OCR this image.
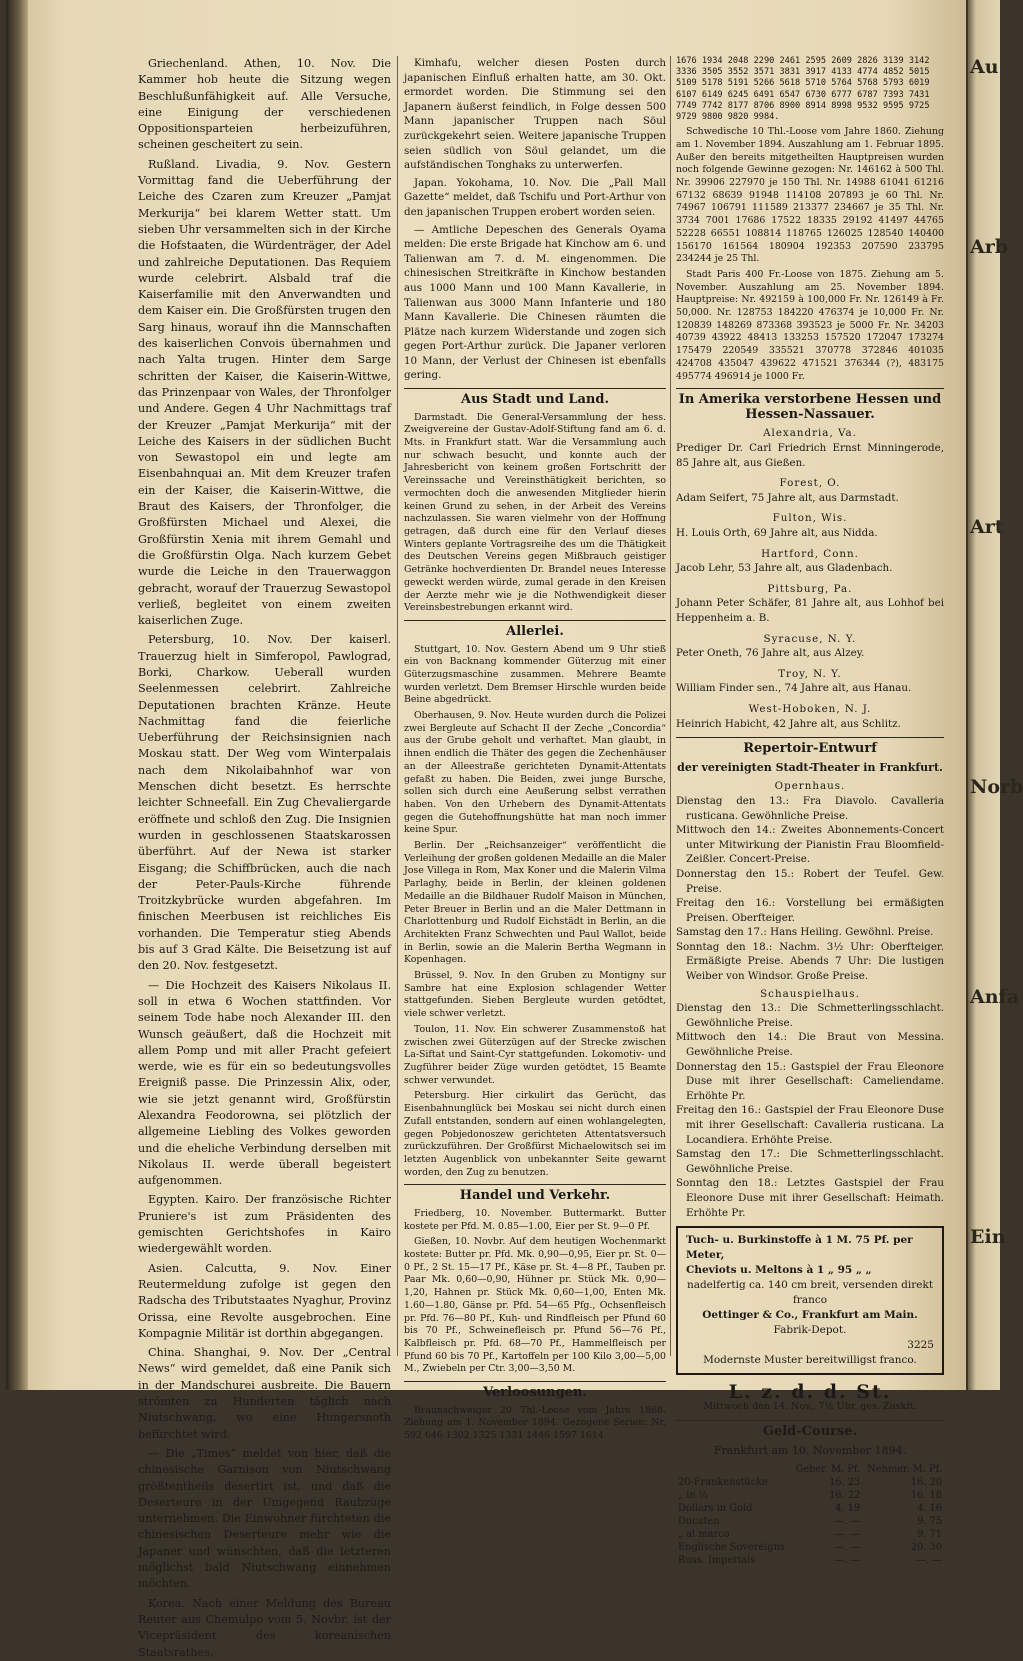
Griechenland. Athen, 10. Nov. Die Kammer hob heute die Sitzung wegen Beschlußunfähigkeit auf. Alle Versuche, eine Einigung der verschiedenen Oppositionsparteien herbeizuführen, scheinen gescheitert zu sein.

Rußland. Livadia, 9. Nov. Gestern Vormittag fand die Ueberführung der Leiche des Czaren zum Kreuzer „Pamjat Merkurija“ bei klarem Wetter statt. Um sieben Uhr versammelten sich in der Kirche die Hofstaaten, die Würdenträger, der Adel und zahlreiche Deputationen. Das Requiem wurde celebrirt. Alsbald traf die Kaiserfamilie mit den Anverwandten und dem Kaiser ein. Die Großfürsten trugen den Sarg hinaus, worauf ihn die Mannschaften des kaiserlichen Convois übernahmen und nach Yalta trugen. Hinter dem Sarge schritten der Kaiser, die Kaiserin-Wittwe, das Prinzenpaar von Wales, der Thronfolger und Andere. Gegen 4 Uhr Nachmittags traf der Kreuzer „Pamjat Merkurija“ mit der Leiche des Kaisers in der südlichen Bucht von Sewastopol ein und legte am Eisenbahnquai an. Mit dem Kreuzer trafen ein der Kaiser, die Kaiserin-Wittwe, die Braut des Kaisers, der Thronfolger, die Großfürsten Michael und Alexei, die Großfürstin Xenia mit ihrem Gemahl und die Großfürstin Olga. Nach kurzem Gebet wurde die Leiche in den Trauerwaggon gebracht, worauf der Trauerzug Sewastopol verließ, begleitet von einem zweiten kaiserlichen Zuge.

Petersburg, 10. Nov. Der kaiserl. Trauerzug hielt in Simferopol, Pawlograd, Borki, Charkow. Ueberall wurden Seelenmessen celebrirt. Zahlreiche Deputationen brachten Kränze. Heute Nachmittag fand die feierliche Ueberführung der Reichsinsignien nach Moskau statt. Der Weg vom Winterpalais nach dem Nikolaibahnhof war von Menschen dicht besetzt. Es herrschte leichter Schneefall. Ein Zug Chevaliergarde eröffnete und schloß den Zug. Die Insignien wurden in geschlossenen Staatskarossen überführt. Auf der Newa ist starker Eisgang; die Schiffbrücken, auch die nach der Peter-Pauls-Kirche führende Troitzkybrücke wurden abgefahren. Im finischen Meerbusen ist reichliches Eis vorhanden. Die Temperatur stieg Abends bis auf 3 Grad Kälte. Die Beisetzung ist auf den 20. Nov. festgesetzt.

— Die Hochzeit des Kaisers Nikolaus II. soll in etwa 6 Wochen stattfinden. Vor seinem Tode habe noch Alexander III. den Wunsch geäußert, daß die Hochzeit mit allem Pomp und mit aller Pracht gefeiert werde, wie es für ein so bedeutungsvolles Ereigniß passe. Die Prinzessin Alix, oder, wie sie jetzt genannt wird, Großfürstin Alexandra Feodorowna, sei plötzlich der allgemeine Liebling des Volkes geworden und die eheliche Verbindung derselben mit Nikolaus II. werde überall begeistert aufgenommen.

Egypten. Kairo. Der französische Richter Pruniere's ist zum Präsidenten des gemischten Gerichtshofes in Kairo wiedergewählt worden.

Asien. Calcutta, 9. Nov. Einer Reutermeldung zufolge ist gegen den Radscha des Tributstaates Nyaghur, Provinz Orissa, eine Revolte ausgebrochen. Eine Kompagnie Militär ist dorthin abgegangen.

China. Shanghai, 9. Nov. Der „Central News“ wird gemeldet, daß eine Panik sich in der Mandschurei ausbreite. Die Bauern strömten zu Hunderten täglich nach Niutschwang, wo eine Hungersnoth befürchtet wird.

— Die „Times“ meldet von hier, daß die chinesische Garnison von Niutschwang größtentheils desertirt ist, und daß die Deserteure in der Umgegend Raubzüge unternehmen. Die Einwohner fürchteten die chinesischen Deserteure mehr wie die Japaner und wünschten, daß die letzteren möglichst bald Niutschwang einnehmen möchten.

Korea. Nach einer Meldung des Bureau Reuter aus Chemulpo vom 5. Novbr. ist der Vicepräsident des koreanischen Staatsrathes,

Kimhafu, welcher diesen Posten durch japanischen Einfluß erhalten hatte, am 30. Okt. ermordet worden. Die Stimmung sei den Japanern äußerst feindlich, in Folge dessen 500 Mann japanischer Truppen nach Söul zurückgekehrt seien. Weitere japanische Truppen seien südlich von Söul gelandet, um die aufständischen Tonghaks zu unterwerfen.

Japan. Yokohama, 10. Nov. Die „Pall Mall Gazette“ meldet, daß Tschifu und Port-Arthur von den japanischen Truppen erobert worden seien.

— Amtliche Depeschen des Generals Oyama melden: Die erste Brigade hat Kinchow am 6. und Talienwan am 7. d. M. eingenommen. Die chinesischen Streitkräfte in Kinchow bestanden aus 1000 Mann und 100 Mann Kavallerie, in Talienwan aus 3000 Mann Infanterie und 180 Mann Kavallerie. Die Chinesen räumten die Plätze nach kurzem Widerstande und zogen sich gegen Port-Arthur zurück. Die Japaner verloren 10 Mann, der Verlust der Chinesen ist ebenfalls gering.

Aus Stadt und Land.

Darmstadt. Die General-Versammlung der hess. Zweigvereine der Gustav-Adolf-Stiftung fand am 6. d. Mts. in Frankfurt statt. War die Versammlung auch nur schwach besucht, und konnte auch der Jahresbericht von keinem großen Fortschritt der Vereinssache und Vereinsthätigkeit berichten, so vermochten doch die anwesenden Mitglieder hierin keinen Grund zu sehen, in der Arbeit des Vereins nachzulassen. Sie waren vielmehr von der Hoffnung getragen, daß durch eine für den Verlauf dieses Winters geplante Vortragsreihe des um die Thätigkeit des Deutschen Vereins gegen Mißbrauch geistiger Getränke hochverdienten Dr. Brandel neues Interesse geweckt werden würde, zumal gerade in den Kreisen der Aerzte mehr wie je die Nothwendigkeit dieser Vereinsbestrebungen erkannt wird.

Allerlei.

Stuttgart, 10. Nov. Gestern Abend um 9 Uhr stieß ein von Backnang kommender Güterzug mit einer Güterzugsmaschine zusammen. Mehrere Beamte wurden verletzt. Dem Bremser Hirschle wurden beide Beine abgedrückt.

Oberhausen, 9. Nov. Heute wurden durch die Polizei zwei Bergleute auf Schacht II der Zeche „Concordia“ aus der Grube geholt und verhaftet. Man glaubt, in ihnen endlich die Thäter des gegen die Zechenhäuser an der Alleestraße gerichteten Dynamit-Attentats gefaßt zu haben. Die Beiden, zwei junge Bursche, sollen sich durch eine Aeußerung selbst verrathen haben. Von den Urhebern des Dynamit-Attentats gegen die Gutehoffnungshütte hat man noch immer keine Spur.

Berlin. Der „Reichsanzeiger“ veröffentlicht die Verleihung der großen goldenen Medaille an die Maler Jose Villega in Rom, Max Koner und die Malerin Vilma Parlaghy, beide in Berlin, der kleinen goldenen Medaille an die Bildhauer Rudolf Maison in München, Peter Breuer in Berlin und an die Maler Dettmann in Charlottenburg und Rudolf Eichstädt in Berlin, an die Architekten Franz Schwechten und Paul Wallot, beide in Berlin, sowie an die Malerin Bertha Wegmann in Kopenhagen.

Brüssel, 9. Nov. In den Gruben zu Montigny sur Sambre hat eine Explosion schlagender Wetter stattgefunden. Sieben Bergleute wurden getödtet, viele schwer verletzt.

Toulon, 11. Nov. Ein schwerer Zusammenstoß hat zwischen zwei Güterzügen auf der Strecke zwischen La-Siftat und Saint-Cyr stattgefunden. Lokomotiv- und Zugführer beider Züge wurden getödtet, 15 Beamte schwer verwundet.

Petersburg. Hier cirkulirt das Gerücht, das Eisenbahnunglück bei Moskau sei nicht durch einen Zufall entstanden, sondern auf einen wohlangelegten, gegen Pobjedonoszew gerichteten Attentatsversuch zurückzuführen. Der Großfürst Michaelowitsch sei im letzten Augenblick von unbekannter Seite gewarnt worden, den Zug zu benutzen.

Handel und Verkehr.

Friedberg, 10. November. Buttermarkt. Butter kostete per Pfd. M. 0.85—1.00, Eier per St. 9—0 Pf.

Gießen, 10. Novbr. Auf dem heutigen Wochenmarkt kostete: Butter pr. Pfd. Mk. 0,90—0,95, Eier pr. St. 0—0 Pf., 2 St. 15—17 Pf., Käse pr. St. 4—8 Pf., Tauben pr. Paar Mk. 0,60—0,90, Hühner pr. Stück Mk. 0,90—1,20, Hahnen pr. Stück Mk. 0,60—1,00, Enten Mk. 1.60—1.80, Gänse pr. Pfd. 54—65 Pfg., Ochsenfleisch pr. Pfd. 76—80 Pf., Kuh- und Rindfleisch per Pfund 60 bis 70 Pf., Schweinefleisch pr. Pfund 56—76 Pf., Kalbfleisch pr. Pfd. 68—70 Pf., Hammelfleisch per Pfund 60 bis 70 Pf., Kartoffeln per 100 Kilo 3,00—5,00 M., Zwiebeln per Ctr. 3,00—3,50 M.

Verloosungen.

Braunschweiger 20 Thl.-Loose vom Jahre 1868. Ziehung am 1. November 1894. Gezogene Serien: Nr. 592 646 1302 1325 1331 1446 1597 1614

1676 1934 2048 2290 2461 2595 2609 2826 3139 3142 3336 3505 3552 3571 3831 3917 4133 4774 4852 5015 5109 5178 5191 5266 5618 5710 5764 5768 5793 6019 6107 6149 6245 6491 6547 6730 6777 6787 7393 7431 7749 7742 8177 8706 8900 8914 8998 9532 9595 9725 9729 9800 9820 9984.

Schwedische 10 Thl.-Loose vom Jahre 1860. Ziehung am 1. November 1894. Auszahlung am 1. Februar 1895. Außer den bereits mitgetheilten Hauptpreisen wurden noch folgende Gewinne gezogen: Nr. 146162 à 500 Thl. Nr. 39906 227970 je 150 Thl. Nr. 14988 61041 61216 67132 68639 91948 114108 207893 je 60 Thl. Nr. 74967 106791 111589 213377 234667 je 35 Thl. Nr. 3734 7001 17686 17522 18335 29192 41497 44765 52228 66551 108814 118765 126025 128540 140400 156170 161564 180904 192353 207590 233795 234244 je 25 Thl.

Stadt Paris 400 Fr.-Loose von 1875. Ziehung am 5. November. Auszahlung am 25. November 1894. Hauptpreise: Nr. 492159 à 100,000 Fr. Nr. 126149 à Fr. 50,000. Nr. 128753 184220 476374 je 10,000 Fr. Nr. 120839 148269 873368 393523 je 5000 Fr. Nr. 34203 40739 43922 48413 133253 157520 172047 173274 175479 220549 335521 370778 372846 401035 424708 435047 439622 471521 376344 (?), 483175 495774 496914 je 1000 Fr.

In Amerika verstorbene Hessen und Hessen-Nassauer.
Alexandria, Va.
Prediger Dr. Carl Friedrich Ernst Minningerode, 85 Jahre alt, aus Gießen.
Forest, O.
Adam Seifert, 75 Jahre alt, aus Darmstadt.
Fulton, Wis.
H. Louis Orth, 69 Jahre alt, aus Nidda.
Hartford, Conn.
Jacob Lehr, 53 Jahre alt, aus Gladenbach.
Pittsburg, Pa.
Johann Peter Schäfer, 81 Jahre alt, aus Lohhof bei Heppenheim a. B.
Syracuse, N. Y.
Peter Oneth, 76 Jahre alt, aus Alzey.
Troy, N. Y.
William Finder sen., 74 Jahre alt, aus Hanau.
West-Hoboken, N. J.
Heinrich Habicht, 42 Jahre alt, aus Schlitz.
Repertoir-Entwurf
der vereinigten Stadt-Theater in Frankfurt.
Opernhaus.
Dienstag den 13.: Fra Diavolo. Cavalleria rusticana. Gewöhnliche Preise.
Mittwoch den 14.: Zweites Abonnements-Concert unter Mitwirkung der Pianistin Frau Bloomfield-Zeißler. Concert-Preise.
Donnerstag den 15.: Robert der Teufel. Gew. Preise.
Freitag den 16.: Vorstellung bei ermäßigten Preisen. Oberfteiger.
Samstag den 17.: Hans Heiling. Gewöhnl. Preise.
Sonntag den 18.: Nachm. 3½ Uhr: Oberfteiger. Ermäßigte Preise. Abends 7 Uhr: Die lustigen Weiber von Windsor. Große Preise.
Schauspielhaus.
Dienstag den 13.: Die Schmetterlingsschlacht. Gewöhnliche Preise.
Mittwoch den 14.: Die Braut von Messina. Gewöhnliche Preise.
Donnerstag den 15.: Gastspiel der Frau Eleonore Duse mit ihrer Gesellschaft: Cameliendame. Erhöhte Pr.
Freitag den 16.: Gastspiel der Frau Eleonore Duse mit ihrer Gesellschaft: Cavalleria rusticana. La Locandiera. Erhöhte Preise.
Samstag den 17.: Die Schmetterlingsschlacht. Gewöhnliche Preise.
Sonntag den 18.: Letztes Gastspiel der Frau Eleonore Duse mit ihrer Gesellschaft: Heimath. Erhöhte Pr.
Tuch- u. Burkinstoffe à 1 M. 75 Pf. per Meter,
Cheviots u. Meltons à 1 „ 95 „ „
nadelfertig ca. 140 cm breit, versenden direkt franco
Oettinger & Co., Frankfurt am Main.
Fabrik-Depot.
3225
Modernste Muster bereitwilligst franco.
L. z. d. d. St.
Mittwoch den 14. Nov., 7½ Uhr, ges. Zuskft.
Geld-Course.
Frankfurt am 10. November 1894.
	Geber. M. Pf.	Nehmer. M. Pf.
20-Frankenstücke	16. 23	16. 20
„ in ½	16. 22	16. 18
Dollars in Gold	4. 19	4. 16
Ducaten	—. —	9. 75
„ al marco	—. —	9. 71
Englische Sovereigns	—. —	20. 30
Russ. Imperials	—. —	—. —
Au
Arb
Art
Norb
Anfa
Ein
